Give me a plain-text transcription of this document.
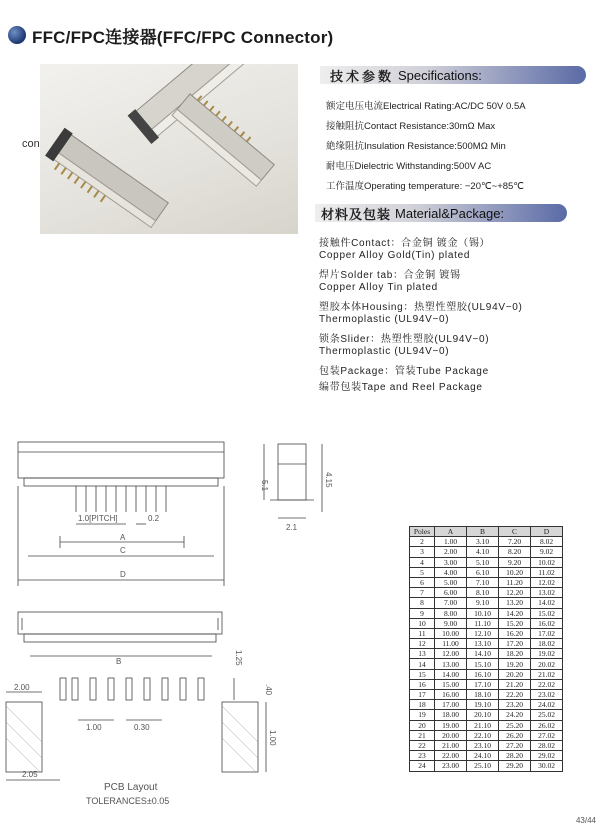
FFC/FPC连接器(FFC/FPC Connector)
con
技术参数 Specifications:
额定电压电流Electrical Rating:AC/DC 50V 0.5A
接触阻抗Contact Resistance:30mΩ Max
絶缘阻抗Insulation Resistance:500MΩ Min
耐电压Dielectric Withstanding:500V AC
工作温度Operating temperature: −20℃~+85℃
材料及包装 Material&Package:
接触件Contact：合金铜 镀金（锡）
Copper Alloy Gold(Tin) plated
焊片Solder tab：合金铜 镀锡
Copper Alloy Tin plated
塑胶本体Housing：热塑性塑胶(UL94V−0)
Thermoplastic (UL94V−0)
锁条Slider：热塑性塑胶(UL94V−0)
Thermoplastic (UL94V−0)
包装Package：管装Tube Package
编带包装Tape and Reel Package
1.0[PITCH]	0.2
A
C
D
B
5.1	4.15
2.1
2.00
1.00	0.30
1.25
.40
1.00
2.05
PCB Layout
TOLERANCES±0.05
Poles	A	B	C	D
2	1.00	3.10	7.20	8.02
3	2.00	4.10	8.20	9.02
4	3.00	5.10	9.20	10.02
5	4.00	6.10	10.20	11.02
6	5.00	7.10	11.20	12.02
7	6.00	8.10	12.20	13.02
8	7.00	9.10	13.20	14.02
9	8.00	10.10	14.20	15.02
10	9.00	11.10	15.20	16.02
11	10.00	12.10	16.20	17.02
12	11.00	13.10	17.20	18.02
13	12.00	14.10	18.20	19.02
14	13.00	15.10	19.20	20.02
15	14.00	16.10	20.20	21.02
16	15.00	17.10	21.20	22.02
17	16.00	18.10	22.20	23.02
18	17.00	19.10	23.20	24.02
19	18.00	20.10	24.20	25.02
20	19.00	21.10	25.20	26.02
21	20.00	22.10	26.20	27.02
22	21.00	23.10	27.20	28.02
23	22.00	24.10	28.20	29.02
24	23.00	25.10	29.20	30.02
43/44
